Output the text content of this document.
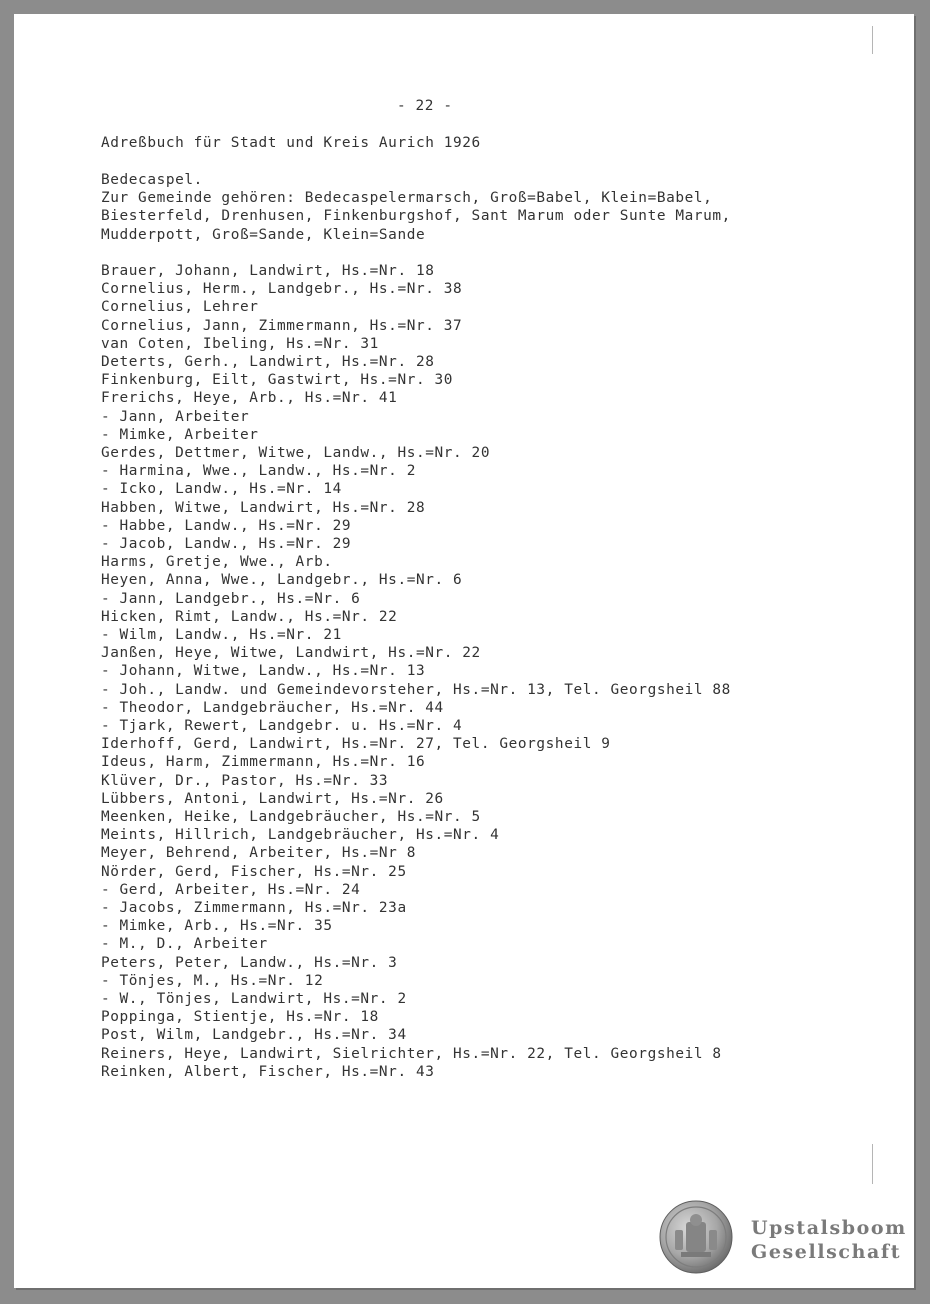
- 22 -

Adreßbuch für Stadt und Kreis Aurich 1926

Bedecaspel.

Zur Gemeinde gehören: Bedecaspelermarsch, Groß=Babel, Klein=Babel,

Biesterfeld, Drenhusen, Finkenburgshof, Sant Marum oder Sunte Marum,

Mudderpott, Groß=Sande, Klein=Sande

Brauer, Johann, Landwirt, Hs.=Nr. 18
Cornelius, Herm., Landgebr., Hs.=Nr. 38
Cornelius, Lehrer
Cornelius, Jann, Zimmermann, Hs.=Nr. 37
van Coten, Ibeling, Hs.=Nr. 31
Deterts, Gerh., Landwirt, Hs.=Nr. 28
Finkenburg, Eilt, Gastwirt, Hs.=Nr. 30
Frerichs, Heye, Arb., Hs.=Nr. 41
- Jann, Arbeiter
- Mimke, Arbeiter
Gerdes, Dettmer, Witwe, Landw., Hs.=Nr. 20
- Harmina, Wwe., Landw., Hs.=Nr. 2
- Icko, Landw., Hs.=Nr. 14
Habben, Witwe, Landwirt, Hs.=Nr. 28
- Habbe, Landw., Hs.=Nr. 29
- Jacob, Landw., Hs.=Nr. 29
Harms, Gretje, Wwe., Arb.
Heyen, Anna, Wwe., Landgebr., Hs.=Nr. 6
- Jann, Landgebr., Hs.=Nr. 6
Hicken, Rimt, Landw., Hs.=Nr. 22
- Wilm, Landw., Hs.=Nr. 21
Janßen, Heye, Witwe, Landwirt, Hs.=Nr. 22
- Johann, Witwe, Landw., Hs.=Nr. 13
- Joh., Landw. und Gemeindevorsteher, Hs.=Nr. 13, Tel. Georgsheil 88
- Theodor, Landgebräucher, Hs.=Nr. 44
- Tjark, Rewert, Landgebr. u. Hs.=Nr. 4
Iderhoff, Gerd, Landwirt, Hs.=Nr. 27, Tel. Georgsheil 9
Ideus, Harm, Zimmermann, Hs.=Nr. 16
Klüver, Dr., Pastor, Hs.=Nr. 33
Lübbers, Antoni, Landwirt, Hs.=Nr. 26
Meenken, Heike, Landgebräucher, Hs.=Nr. 5
Meints, Hillrich, Landgebräucher, Hs.=Nr. 4
Meyer, Behrend, Arbeiter, Hs.=Nr 8
Nörder, Gerd, Fischer, Hs.=Nr. 25
- Gerd, Arbeiter, Hs.=Nr. 24
- Jacobs, Zimmermann, Hs.=Nr. 23a
- Mimke, Arb., Hs.=Nr. 35
- M., D., Arbeiter
Peters, Peter, Landw., Hs.=Nr. 3
- Tönjes, M., Hs.=Nr. 12
- W., Tönjes, Landwirt, Hs.=Nr. 2
Poppinga, Stientje, Hs.=Nr. 18
Post, Wilm, Landgebr., Hs.=Nr. 34
Reiners, Heye, Landwirt, Sielrichter, Hs.=Nr. 22, Tel. Georgsheil 8
Reinken, Albert, Fischer, Hs.=Nr. 43

Upstalsboom
Gesellschaft
